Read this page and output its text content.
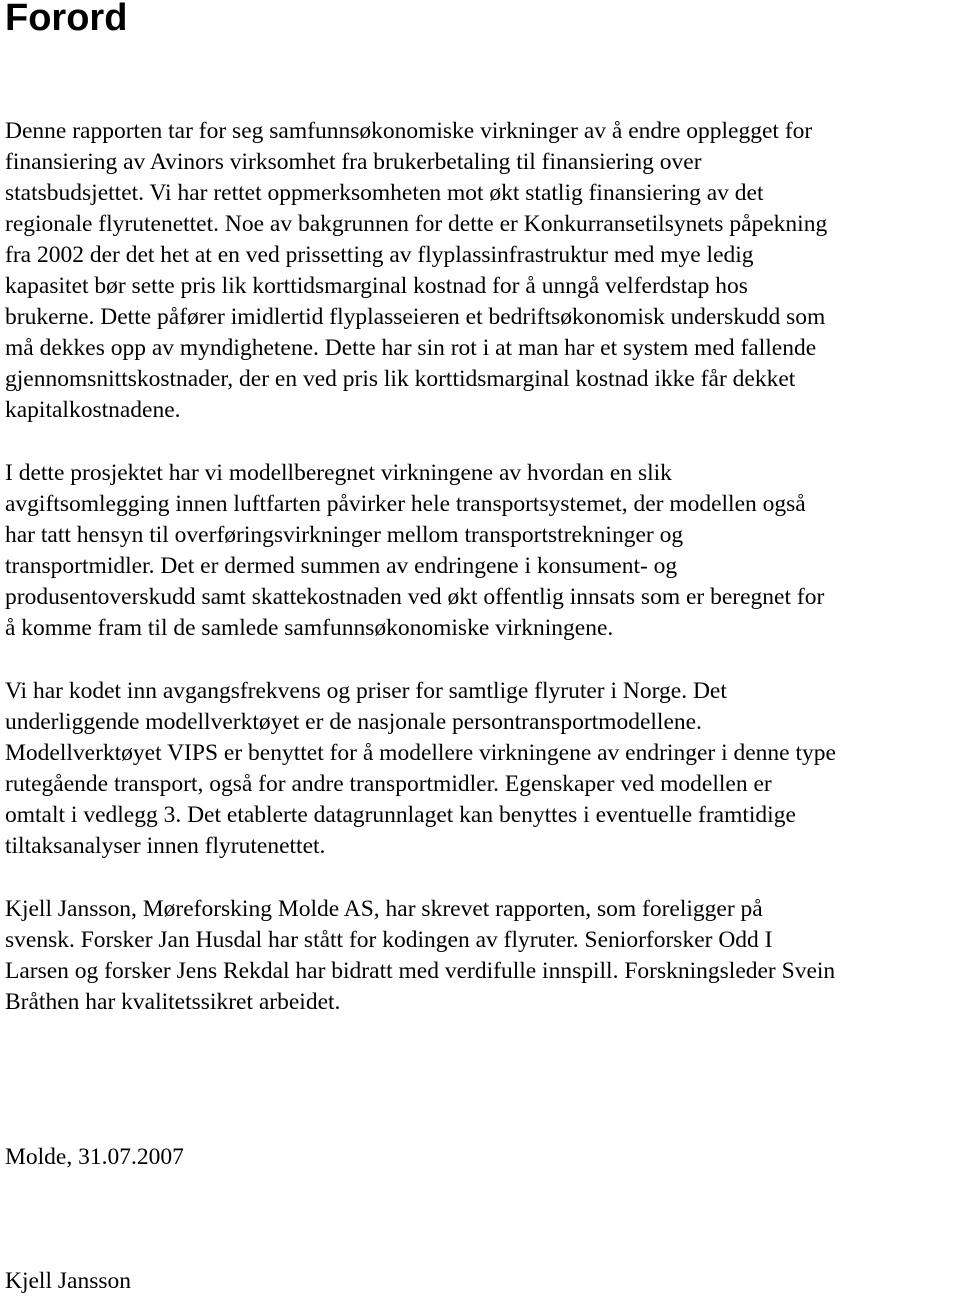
Forord

Denne rapporten tar for seg samfunnsøkonomiske virkninger av å endre opplegget for
finansiering av Avinors virksomhet fra brukerbetaling til finansiering over
statsbudsjettet. Vi har rettet oppmerksomheten mot økt statlig finansiering av det
regionale flyrutenettet. Noe av bakgrunnen for dette er Konkurransetilsynets påpekning
fra 2002 der det het at en ved prissetting av flyplassinfrastruktur med mye ledig
kapasitet bør sette pris lik korttidsmarginal kostnad for å unngå velferdstap hos
brukerne. Dette påfører imidlertid flyplasseieren et bedriftsøkonomisk underskudd som
må dekkes opp av myndighetene. Dette har sin rot i at man har et system med fallende
gjennomsnittskostnader, der en ved pris lik korttidsmarginal kostnad ikke får dekket
kapitalkostnadene.

I dette prosjektet har vi modellberegnet virkningene av hvordan en slik
avgiftsomlegging innen luftfarten påvirker hele transportsystemet, der modellen også
har tatt hensyn til overføringsvirkninger mellom transportstrekninger og
transportmidler. Det er dermed summen av endringene i konsument- og
produsentoverskudd samt skattekostnaden ved økt offentlig innsats som er beregnet for
å komme fram til de samlede samfunnsøkonomiske virkningene.

Vi har kodet inn avgangsfrekvens og priser for samtlige flyruter i Norge. Det
underliggende modellverktøyet er de nasjonale persontransportmodellene.
Modellverktøyet VIPS er benyttet for å modellere virkningene av endringer i denne type
rutegående transport, også for andre transportmidler. Egenskaper ved modellen er
omtalt i vedlegg 3. Det etablerte datagrunnlaget kan benyttes i eventuelle framtidige
tiltaksanalyser innen flyrutenettet.

Kjell Jansson, Møreforsking Molde AS, har skrevet rapporten, som foreligger på
svensk. Forsker Jan Husdal har stått for kodingen av flyruter. Seniorforsker Odd I
Larsen og forsker Jens Rekdal har bidratt med verdifulle innspill. Forskningsleder Svein
Bråthen har kvalitetssikret arbeidet.

Molde, 31.07.2007

Kjell Jansson
